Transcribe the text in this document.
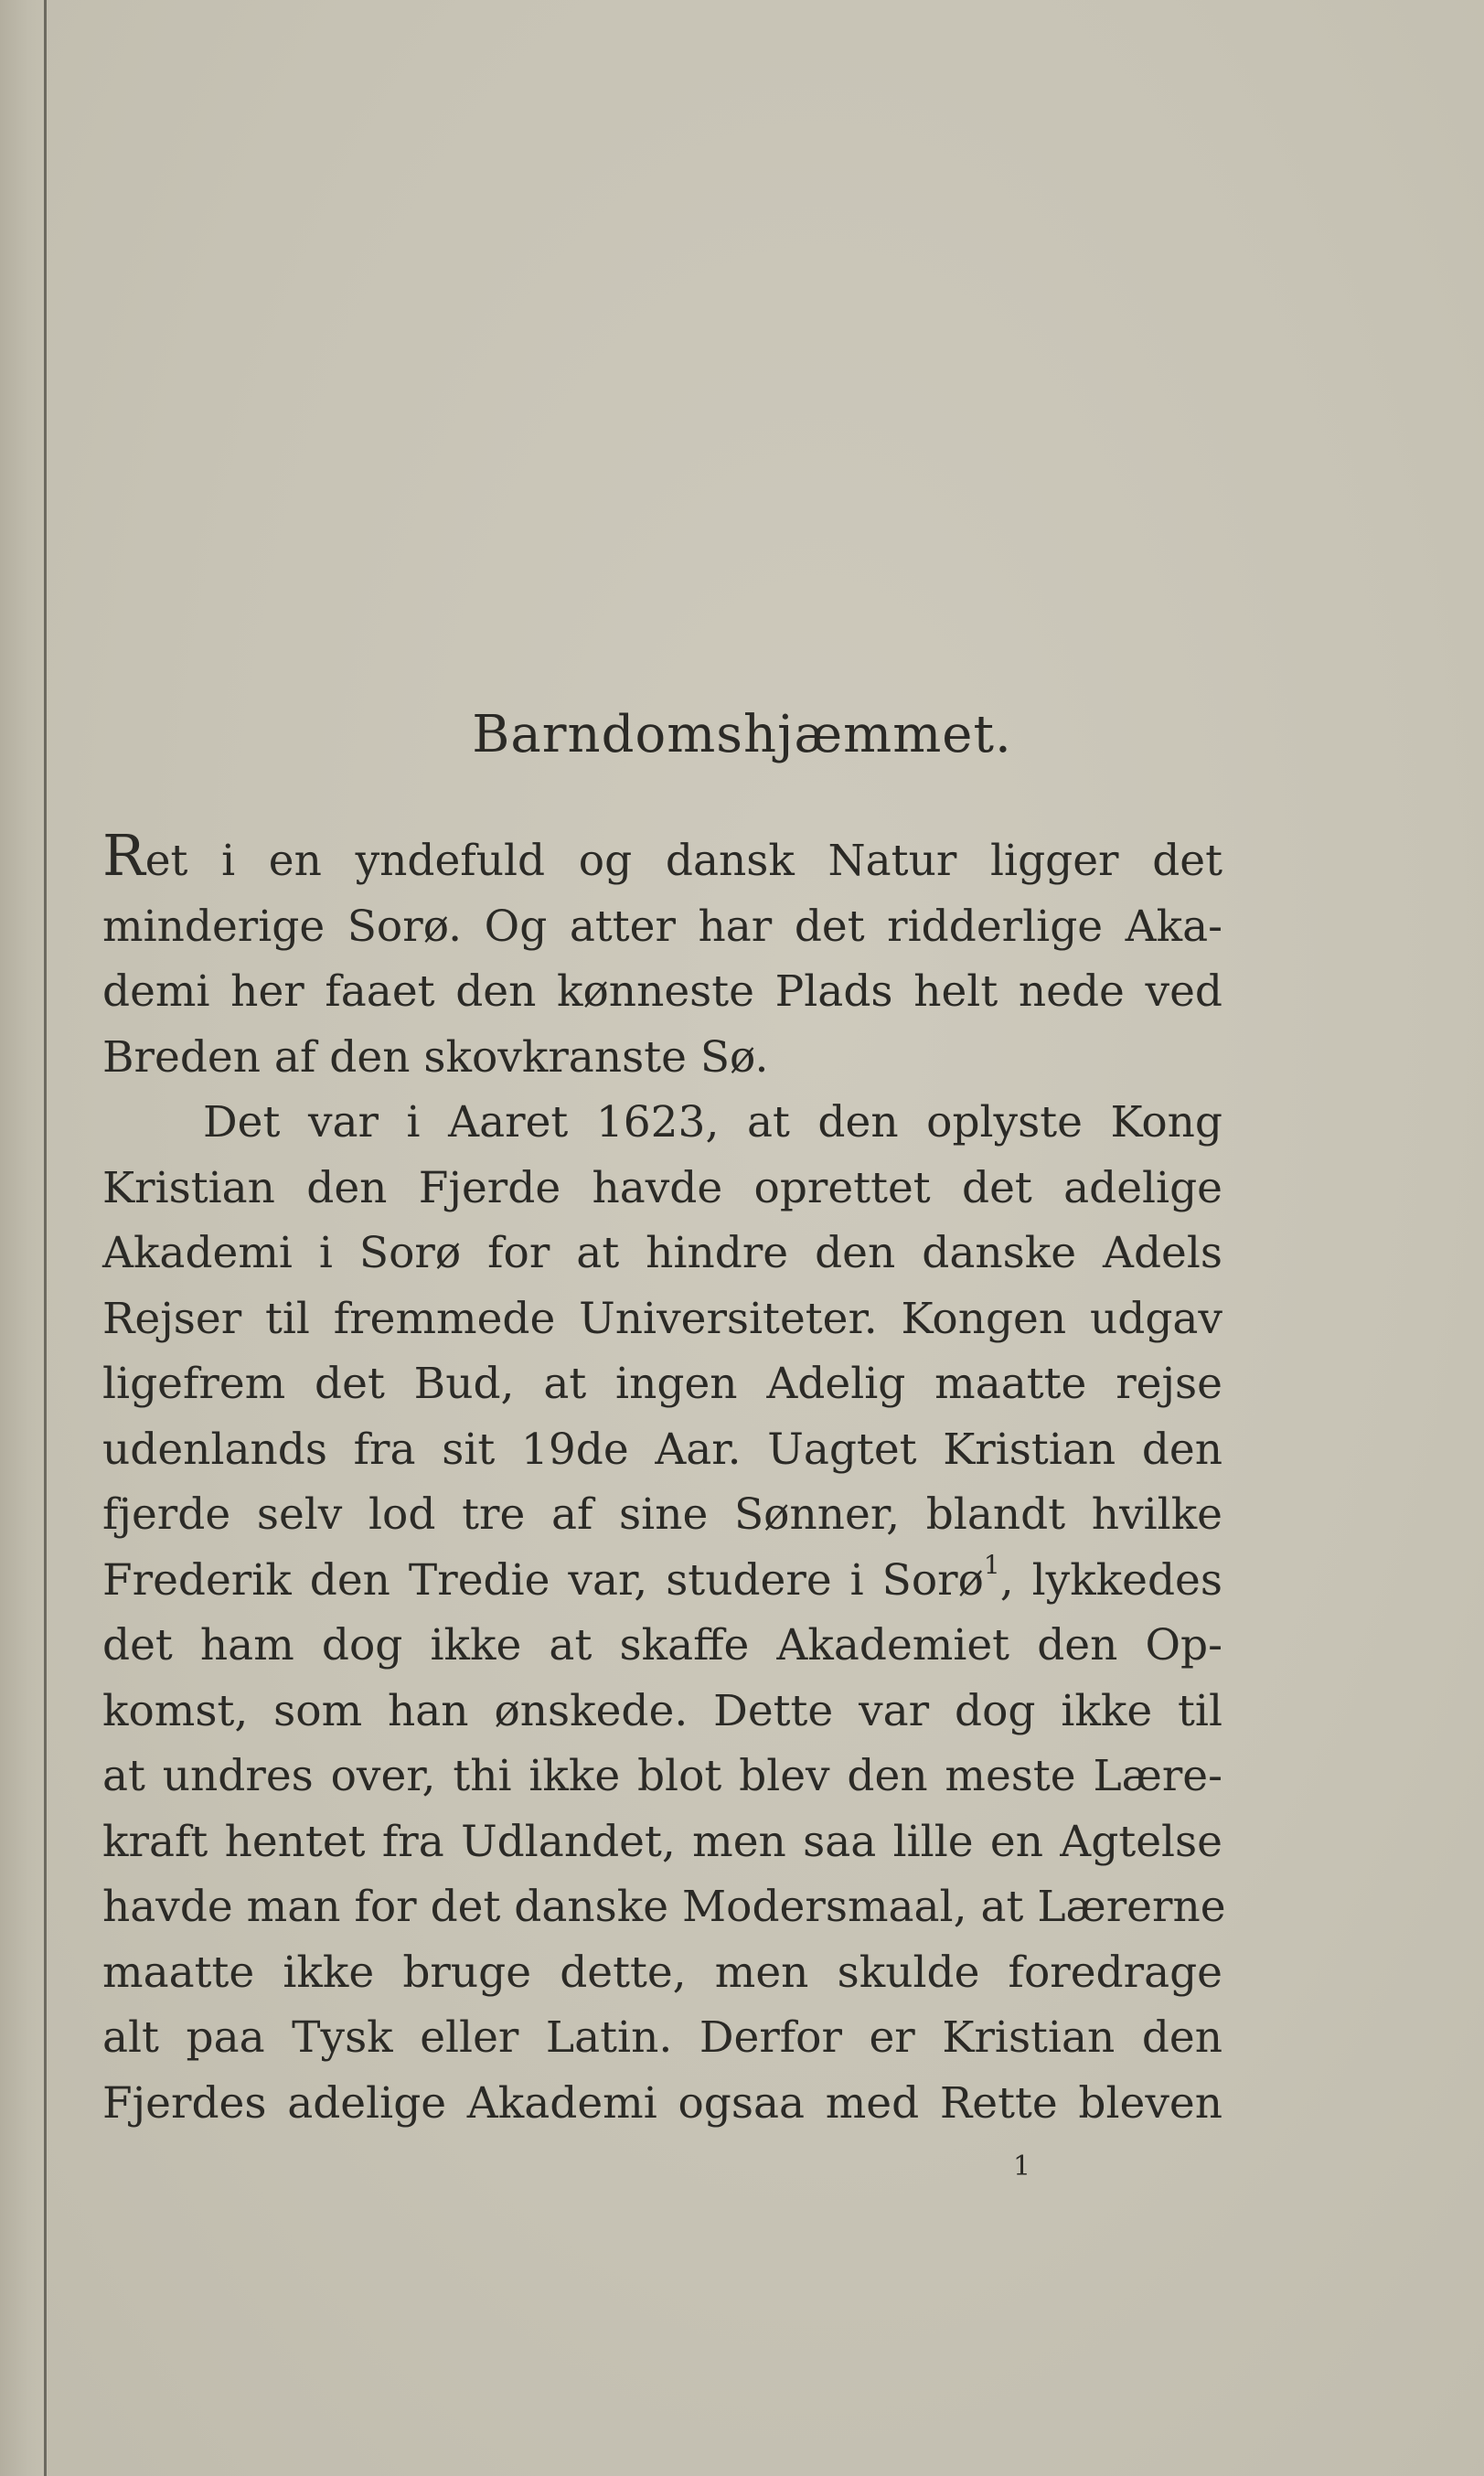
Barndomshjæmmet.
Ret i en yndefuld og dansk Natur ligger det
minderige Sorø. Og atter har det ridderlige Aka-
demi her faaet den kønneste Plads helt nede ved
Breden af den skovkranste Sø.
Det var i Aaret 1623, at den oplyste Kong
Kristian den Fjerde havde oprettet det adelige
Akademi i Sorø for at hindre den danske Adels
Rejser til fremmede Universiteter. Kongen udgav
ligefrem det Bud, at ingen Adelig maatte rejse
udenlands fra sit 19de Aar. Uagtet Kristian den
fjerde selv lod tre af sine Sønner, blandt hvilke
Frederik den Tredie var, studere i Sorø$^1$, lykkedes
det ham dog ikke at skaffe Akademiet den Op-
komst, som han ønskede. Dette var dog ikke til
at undres over, thi ikke blot blev den meste Lære-
kraft hentet fra Udlandet, men saa lille en Agtelse
havde man for det danske Modersmaal, at Lærerne
maatte ikke bruge dette, men skulde foredrage
alt paa Tysk eller Latin. Derfor er Kristian den
Fjerdes adelige Akademi ogsaa med Rette bleven
1
